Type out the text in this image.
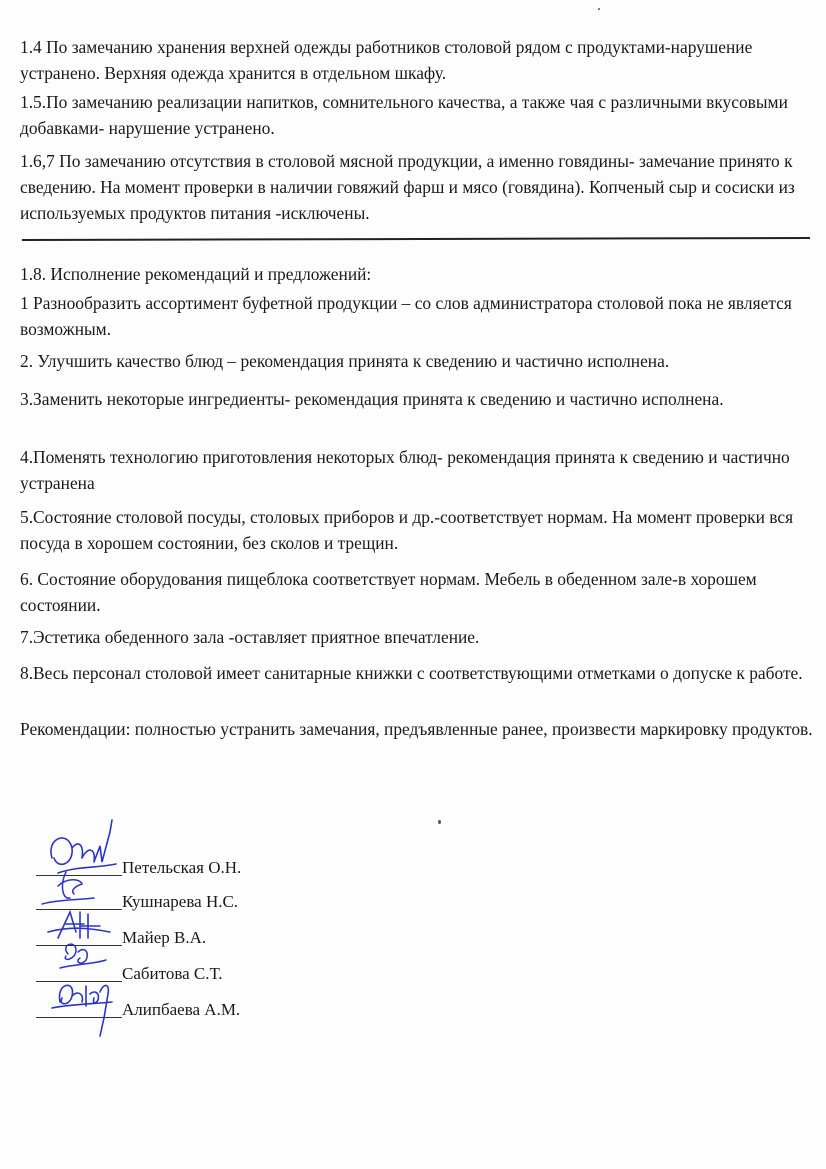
1.4 По замечанию хранения верхней одежды работников столовой рядом с продуктами-нарушение устранено. Верхняя одежда хранится в отдельном шкафу.

1.5.По замечанию реализации напитков, сомнительного качества, а также чая с различными вкусовыми добавками- нарушение устранено.

1.6,7 По замечанию отсутствия в столовой мясной продукции, а именно говядины- замечание принято к сведению. На момент проверки в наличии говяжий фарш и мясо (говядина). Копченый сыр и сосиски из используемых продуктов питания -исключены.

1.8. Исполнение рекомендаций и предложений:

1 Разнообразить ассортимент буфетной продукции – со слов администратора столовой пока не является возможным.

2. Улучшить качество блюд – рекомендация принята к сведению и частично исполнена.

3.Заменить некоторые ингредиенты- рекомендация принята к сведению и частично исполнена.

4.Поменять технологию приготовления некоторых блюд- рекомендация принята к сведению и частично устранена

5.Состояние столовой посуды, столовых приборов и др.-соответствует нормам. На момент проверки вся посуда в хорошем состоянии, без сколов и трещин.

6. Состояние оборудования пищеблока соответствует нормам. Мебель в обеденном зале-в хорошем состоянии.

7.Эстетика обеденного зала -оставляет приятное впечатление.

8.Весь персонал столовой имеет санитарные книжки с соответствующими отметками о допуске к работе.

Рекомендации: полностью устранить замечания, предъявленные ранее, произвести маркировку продуктов.

Петельская О.Н.
Кушнарева Н.С.
Майер В.А.
Сабитова С.Т.
Алипбаева А.М.
